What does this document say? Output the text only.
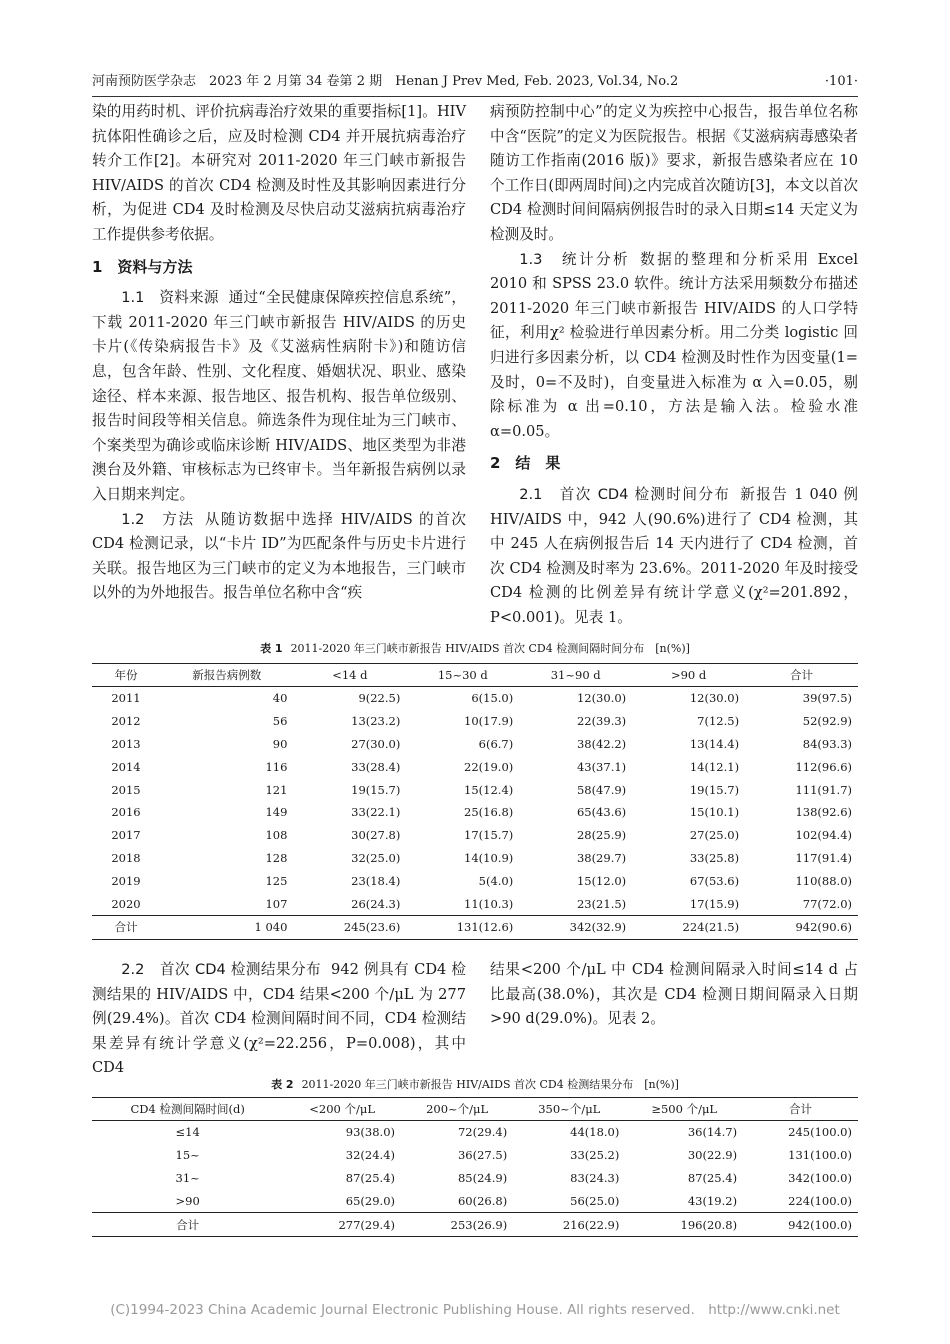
河南预防医学杂志　2023 年 2 月第 34 卷第 2 期　Henan J Prev Med, Feb. 2023, Vol.34, No.2	·101·

染的用药时机、评价抗病毒治疗效果的重要指标[1]。HIV 抗体阳性确诊之后，应及时检测 CD4 并开展抗病毒治疗转介工作[2]。本研究对 2011-2020 年三门峡市新报告 HIV/AIDS 的首次 CD4 检测及时性及其影响因素进行分析，为促进 CD4 及时检测及尽快启动艾滋病抗病毒治疗工作提供参考依据。

1　资料与方法

1.1　资料来源 通过“全民健康保障疾控信息系统”，下载 2011-2020 年三门峡市新报告 HIV/AIDS 的历史卡片(《传染病报告卡》及《艾滋病性病附卡》)和随访信息，包含年龄、性别、文化程度、婚姻状况、职业、感染途径、样本来源、报告地区、报告机构、报告单位级别、报告时间段等相关信息。筛选条件为现住址为三门峡市、个案类型为确诊或临床诊断 HIV/AIDS、地区类型为非港澳台及外籍、审核标志为已终审卡。当年新报告病例以录入日期来判定。

1.2　方法 从随访数据中选择 HIV/AIDS 的首次 CD4 检测记录，以“卡片 ID”为匹配条件与历史卡片进行关联。报告地区为三门峡市的定义为本地报告，三门峡市以外的为外地报告。报告单位名称中含“疾

病预防控制中心”的定义为疾控中心报告，报告单位名称中含“医院”的定义为医院报告。根据《艾滋病病毒感染者随访工作指南(2016 版)》要求，新报告感染者应在 10 个工作日(即两周时间)之内完成首次随访[3]，本文以首次 CD4 检测时间间隔病例报告时的录入日期≤14 天定义为检测及时。

1.3　统计分析 数据的整理和分析采用 Excel 2010 和 SPSS 23.0 软件。统计方法采用频数分布描述 2011-2020 年三门峡市新报告 HIV/AIDS 的人口学特征，利用χ² 检验进行单因素分析。用二分类 logistic 回归进行多因素分析，以 CD4 检测及时性作为因变量(1=及时，0=不及时)，自变量进入标准为 α 入=0.05，剔除标准为 α 出=0.10，方法是输入法。检验水准 α=0.05。

2　结　果

2.1　首次 CD4 检测时间分布 新报告 1 040 例 HIV/AIDS 中，942 人(90.6%)进行了 CD4 检测，其中 245 人在病例报告后 14 天内进行了 CD4 检测，首次 CD4 检测及时率为 23.6%。2011-2020 年及时接受 CD4 检测的比例差异有统计学意义(χ²=201.892，P<0.001)。见表 1。

表 1 2011-2020 年三门峡市新报告 HIV/AIDS 首次 CD4 检测间隔时间分布　[n(%)]
年份	新报告病例数	<14 d	15~30 d	31~90 d	>90 d	合计
2011	40	9(22.5)	6(15.0)	12(30.0)	12(30.0)	39(97.5)
2012	56	13(23.2)	10(17.9)	22(39.3)	7(12.5)	52(92.9)
2013	90	27(30.0)	6(6.7)	38(42.2)	13(14.4)	84(93.3)
2014	116	33(28.4)	22(19.0)	43(37.1)	14(12.1)	112(96.6)
2015	121	19(15.7)	15(12.4)	58(47.9)	19(15.7)	111(91.7)
2016	149	33(22.1)	25(16.8)	65(43.6)	15(10.1)	138(92.6)
2017	108	30(27.8)	17(15.7)	28(25.9)	27(25.0)	102(94.4)
2018	128	32(25.0)	14(10.9)	38(29.7)	33(25.8)	117(91.4)
2019	125	23(18.4)	5(4.0)	15(12.0)	67(53.6)	110(88.0)
2020	107	26(24.3)	11(10.3)	23(21.5)	17(15.9)	77(72.0)
合计	1 040	245(23.6)	131(12.6)	342(32.9)	224(21.5)	942(90.6)

2.2　首次 CD4 检测结果分布 942 例具有 CD4 检测结果的 HIV/AIDS 中，CD4 结果<200 个/μL 为 277 例(29.4%)。首次 CD4 检测间隔时间不同，CD4 检测结果差异有统计学意义(χ²=22.256，P=0.008)，其中 CD4

结果<200 个/μL 中 CD4 检测间隔录入时间≤14 d 占比最高(38.0%)，其次是 CD4 检测日期间隔录入日期>90 d(29.0%)。见表 2。

表 2 2011-2020 年三门峡市新报告 HIV/AIDS 首次 CD4 检测结果分布　[n(%)]
CD4 检测间隔时间(d)	<200 个/μL	200~个/μL	350~个/μL	≥500 个/μL	合计
≤14	93(38.0)	72(29.4)	44(18.0)	36(14.7)	245(100.0)
15~	32(24.4)	36(27.5)	33(25.2)	30(22.9)	131(100.0)
31~	87(25.4)	85(24.9)	83(24.3)	87(25.4)	342(100.0)
>90	65(29.0)	60(26.8)	56(25.0)	43(19.2)	224(100.0)
合计	277(29.4)	253(26.9)	216(22.9)	196(20.8)	942(100.0)
(C)1994-2023 China Academic Journal Electronic Publishing House. All rights reserved.　http://www.cnki.net
